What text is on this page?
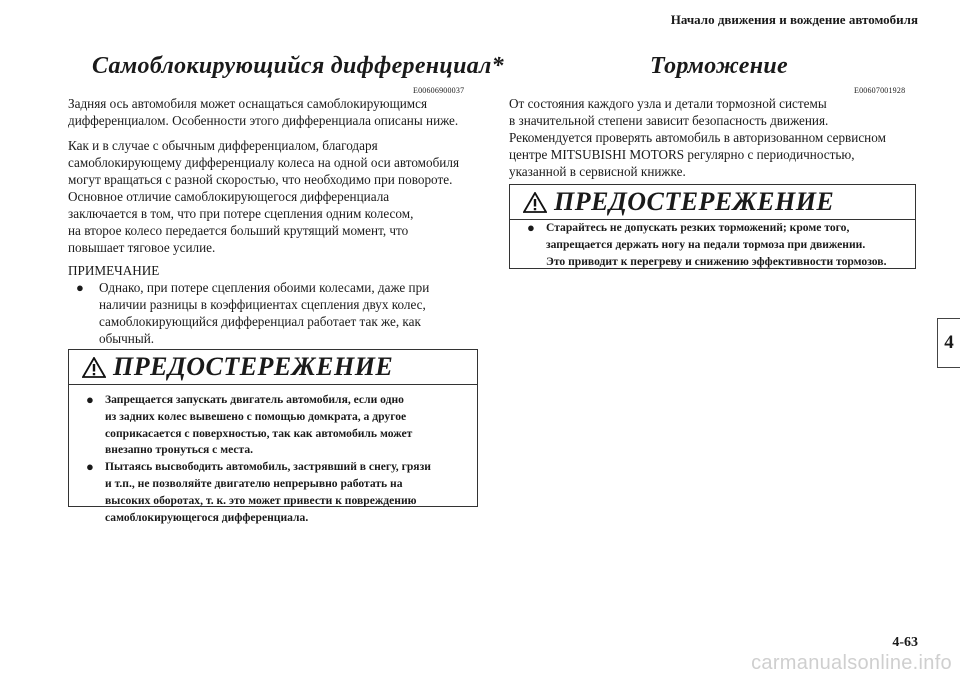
Начало движения и вождение автомобиля
Самоблокирующийся дифференциал*
E00606900037

Задняя ось автомобиля может оснащаться самоблокирующимся
дифференциалом. Особенности этого дифференциала описаны ниже.

Как и в случае с обычным дифференциалом, благодаря
самоблокирующему дифференциалу колеса на одной оси автомобиля
могут вращаться с разной скоростью, что необходимо при повороте.
Основное отличие самоблокирующегося дифференциала
заключается в том, что при потере сцепления одним колесом,
на второе колесо передается больший крутящий момент, что
повышает тяговое усилие.

ПРИМЕЧАНИЕ
● Однако, при потере сцепления обоими колесами, даже при
наличии разницы в коэффициентах сцепления двух колес,
самоблокирующийся дифференциал работает так же, как
обычный.
ПРЕДОСТЕРЕЖЕНИЕ
● Запрещается запускать двигатель автомобиля, если одно
из задних колес вывешено с помощью домкрата, а другое
соприкасается с поверхностью, так как автомобиль может
внезапно тронуться с места.
● Пытаясь высвободить автомобиль, застрявший в снегу, грязи
и т.п., не позволяйте двигателю непрерывно работать на
высоких оборотах, т. к. это может привести к повреждению
самоблокирующегося дифференциала.
Торможение
E00607001928

От состояния каждого узла и детали тормозной системы
в значительной степени зависит безопасность движения.
Рекомендуется проверять автомобиль в авторизованном сервисном
центре MITSUBISHI MOTORS регулярно с периодичностью,
указанной в сервисной книжке.

ПРЕДОСТЕРЕЖЕНИЕ
● Старайтесь не допускать резких торможений; кроме того,
запрещается держать ногу на педали тормоза при движении.
Это приводит к перегреву и снижению эффективности тормозов.
4
4-63
carmanualsonline.info
